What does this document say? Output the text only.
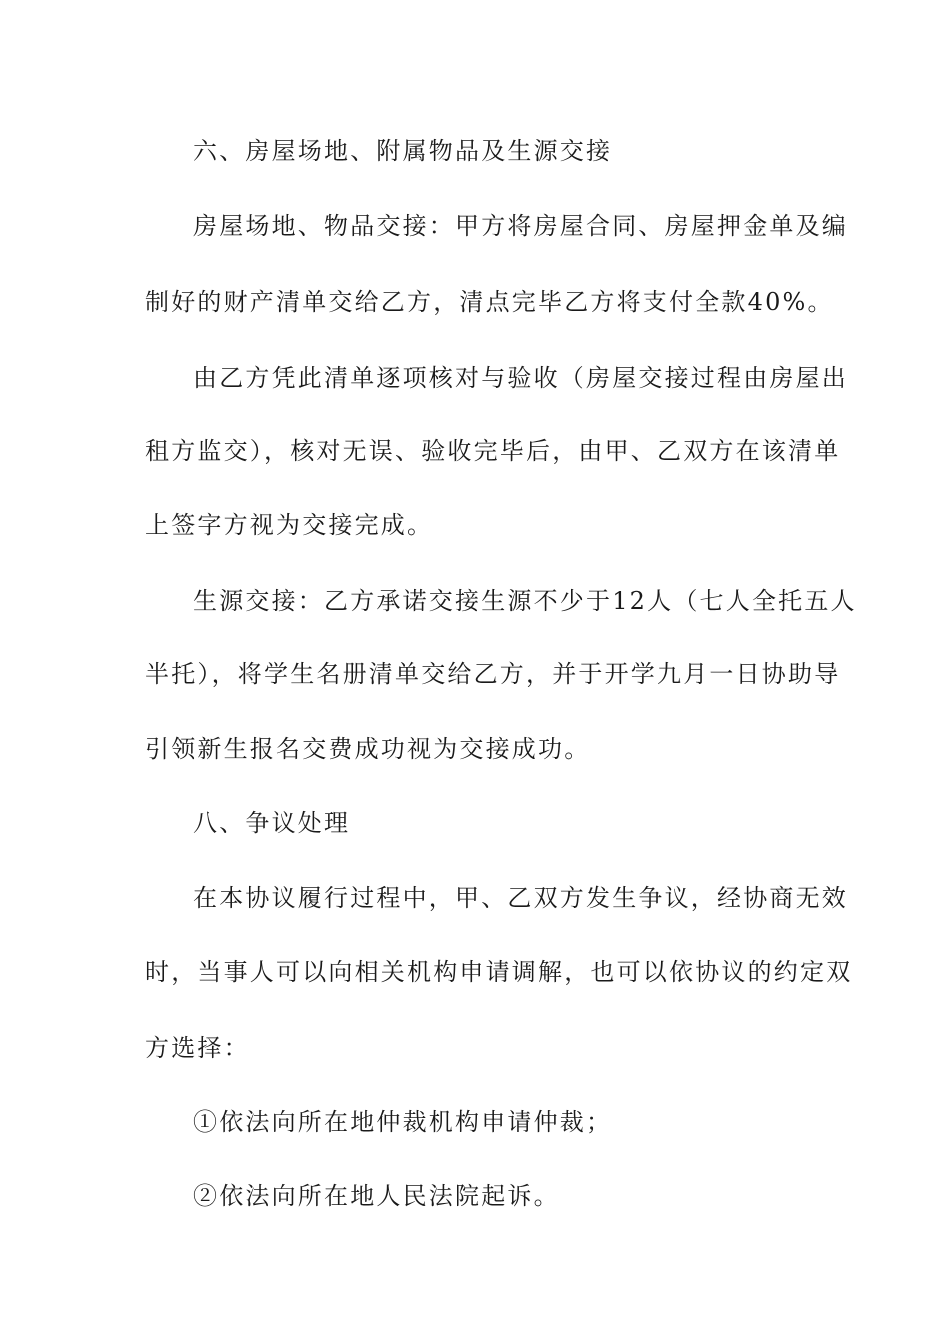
六、房屋场地、附属物品及生源交接
房屋场地、物品交接：甲方将房屋合同、房屋押金单及编
制好的财产清单交给乙方，清点完毕乙方将支付全款40%。
由乙方凭此清单逐项核对与验收（房屋交接过程由房屋出
租方监交），核对无误、验收完毕后，由甲、乙双方在该清单
上签字方视为交接完成。
生源交接：乙方承诺交接生源不少于12人（七人全托五人
半托），将学生名册清单交给乙方，并于开学九月一日协助导
引领新生报名交费成功视为交接成功。
八、争议处理
在本协议履行过程中，甲、乙双方发生争议，经协商无效
时，当事人可以向相关机构申请调解，也可以依协议的约定双
方选择：
①依法向所在地仲裁机构申请仲裁；
②依法向所在地人民法院起诉。
